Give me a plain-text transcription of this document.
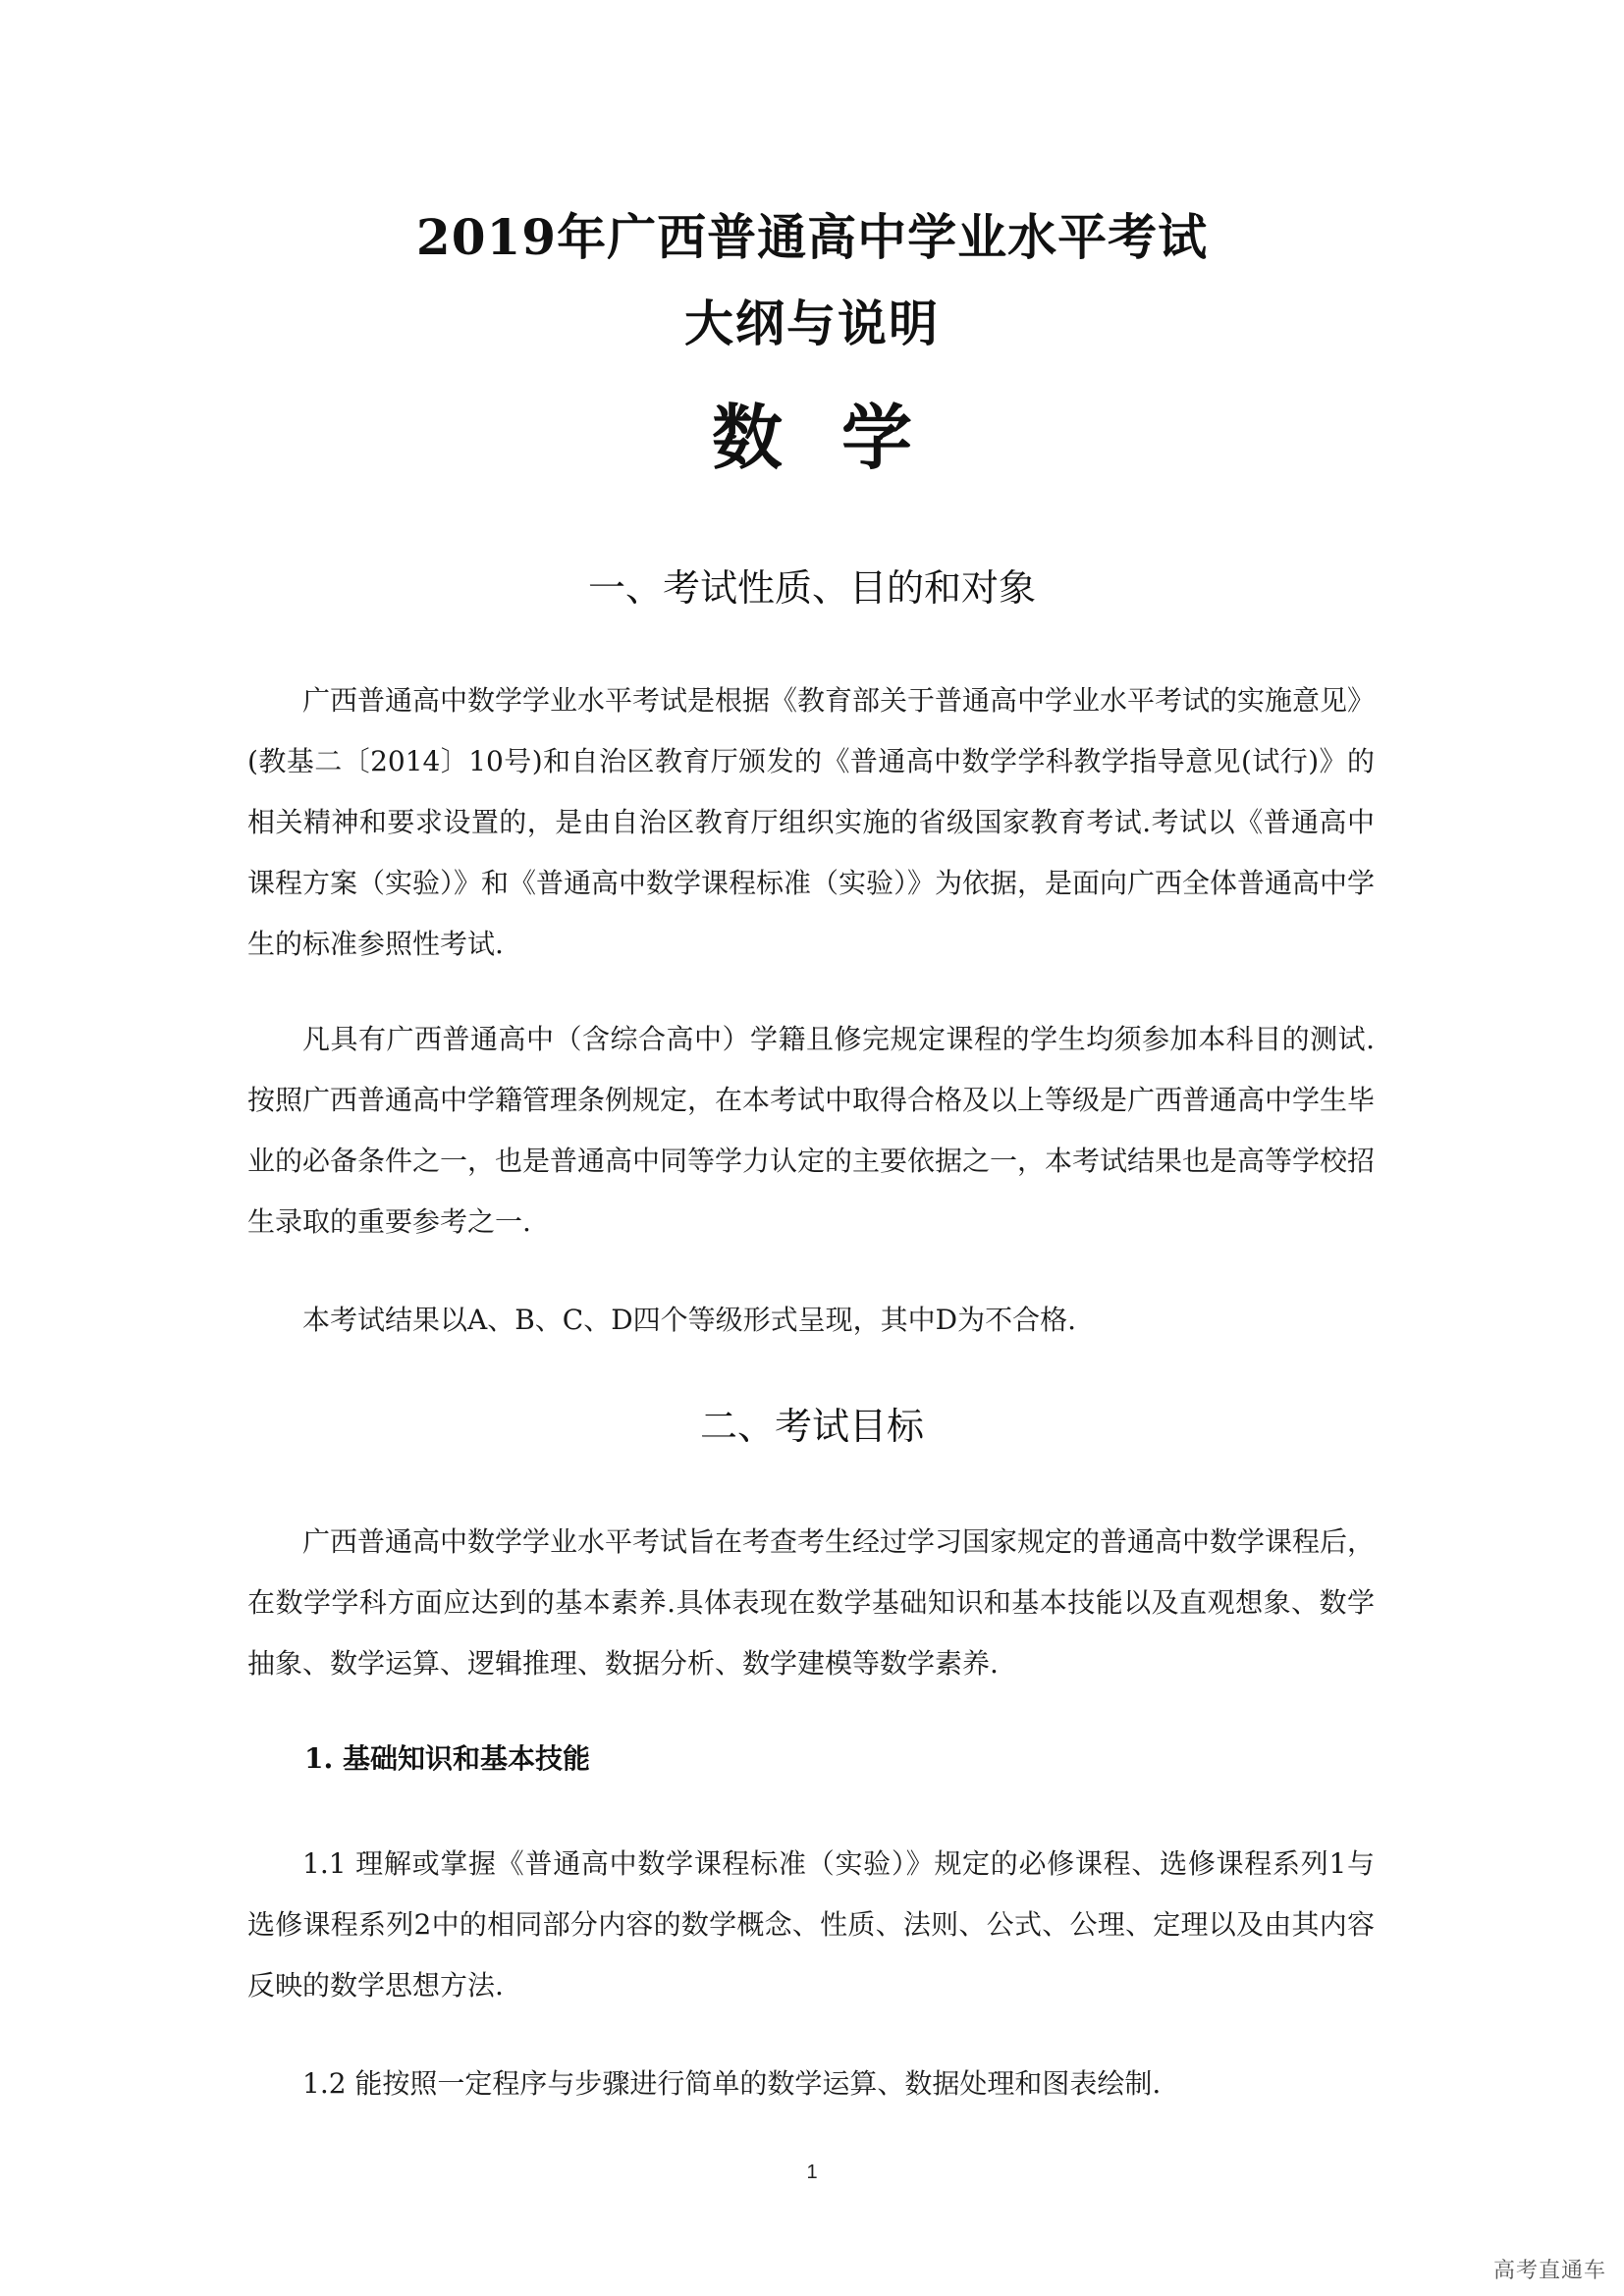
2019年广西普通高中学业水平考试
大纲与说明
数学
一、考试性质、目的和对象

广西普通高中数学学业水平考试是根据《教育部关于普通高中学业水平考试的实施意见》(教基二〔2014〕10号)和自治区教育厅颁发的《普通高中数学学科教学指导意见(试行)》的相关精神和要求设置的，是由自治区教育厅组织实施的省级国家教育考试.考试以《普通高中课程方案（实验）》和《普通高中数学课程标准（实验）》为依据，是面向广西全体普通高中学生的标准参照性考试.

凡具有广西普通高中（含综合高中）学籍且修完规定课程的学生均须参加本科目的测试.按照广西普通高中学籍管理条例规定，在本考试中取得合格及以上等级是广西普通高中学生毕业的必备条件之一，也是普通高中同等学力认定的主要依据之一，本考试结果也是高等学校招生录取的重要参考之一.

本考试结果以A、B、C、D四个等级形式呈现，其中D为不合格.

二、考试目标

广西普通高中数学学业水平考试旨在考查考生经过学习国家规定的普通高中数学课程后，在数学学科方面应达到的基本素养.具体表现在数学基础知识和基本技能以及直观想象、数学抽象、数学运算、逻辑推理、数据分析、数学建模等数学素养.

1. 基础知识和基本技能

1.1 理解或掌握《普通高中数学课程标准（实验）》规定的必修课程、选修课程系列1与选修课程系列2中的相同部分内容的数学概念、性质、法则、公式、公理、定理以及由其内容反映的数学思想方法.

1.2 能按照一定程序与步骤进行简单的数学运算、数据处理和图表绘制.

1
高考直通车
